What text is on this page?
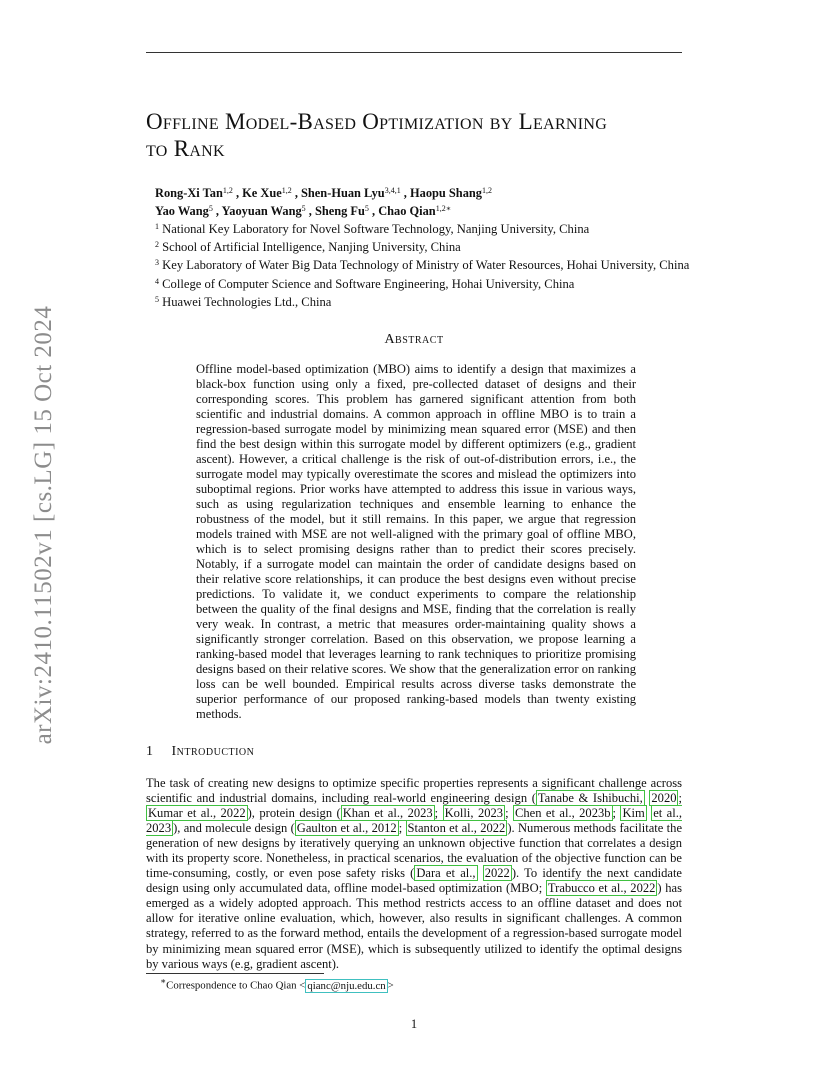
arXiv:2410.11502v1 [cs.LG] 15 Oct 2024
Offline Model-Based Optimization by Learning
to Rank
Rong-Xi Tan$^{1,2}$ , Ke Xue$^{1,2}$ , Shen-Huan Lyu$^{3,4,1}$ , Haopu Shang$^{1,2}$
Yao Wang$^5$ , Yaoyuan Wang$^5$ , Sheng Fu$^5$ , Chao Qian$^{1,2∗}$
$^1$ National Key Laboratory for Novel Software Technology, Nanjing University, China
$^2$ School of Artificial Intelligence, Nanjing University, China
$^3$ Key Laboratory of Water Big Data Technology of Ministry of Water Resources, Hohai University, China
$^4$ College of Computer Science and Software Engineering, Hohai University, China
$^5$ Huawei Technologies Ltd., China
Abstract
Offline model-based optimization (MBO) aims to identify a design that maximizes a black-box function using only a fixed, pre-collected dataset of designs and their corresponding scores. This problem has garnered significant attention from both scientific and industrial domains. A common approach in offline MBO is to train a regression-based surrogate model by minimizing mean squared error (MSE) and then find the best design within this surrogate model by different optimizers (e.g., gradient ascent). However, a critical challenge is the risk of out-of-distribution errors, i.e., the surrogate model may typically overestimate the scores and mislead the optimizers into suboptimal regions. Prior works have attempted to address this issue in various ways, such as using regularization techniques and ensemble learning to enhance the robustness of the model, but it still remains. In this paper, we argue that regression models trained with MSE are not well-aligned with the primary goal of offline MBO, which is to select promising designs rather than to predict their scores precisely. Notably, if a surrogate model can maintain the order of candidate designs based on their relative score relationships, it can produce the best designs even without precise predictions. To validate it, we conduct experiments to compare the relationship between the quality of the final designs and MSE, finding that the correlation is really very weak. In contrast, a metric that measures order-maintaining quality shows a significantly stronger correlation. Based on this observation, we propose learning a ranking-based model that leverages learning to rank techniques to prioritize promising designs based on their relative scores. We show that the generalization error on ranking loss can be well bounded. Empirical results across diverse tasks demonstrate the superior performance of our proposed ranking-based models than twenty existing methods.
1 Introduction
The task of creating new designs to optimize specific properties represents a significant challenge across scientific and industrial domains, including real-world engineering design ( Tanabe & Ishibuchi, 2020 ; Kumar et al., 2022 ), protein design ( Khan et al., 2023 ; Kolli, 2023 ; Chen et al., 2023b ; Kim et al., 2023 ), and molecule design ( Gaulton et al., 2012 ; Stanton et al., 2022 ). Numerous methods facilitate the generation of new designs by iteratively querying an unknown objective function that correlates a design with its property score. Nonetheless, in practical scenarios, the evaluation of the objective function can be time-consuming, costly, or even pose safety risks ( Dara et al., 2022 ). To identify the next candidate design using only accumulated data, offline model-based optimization (MBO; Trabucco et al., 2022 ) has emerged as a widely adopted approach. This method restricts access to an offline dataset and does not allow for iterative online evaluation, which, however, also results in significant challenges. A common strategy, referred to as the forward method, entails the development of a regression-based surrogate model by minimizing mean squared error (MSE), which is subsequently utilized to identify the optimal designs by various ways (e.g, gradient ascent).
∗Correspondence to Chao Qian < qianc@nju.edu.cn >
1
